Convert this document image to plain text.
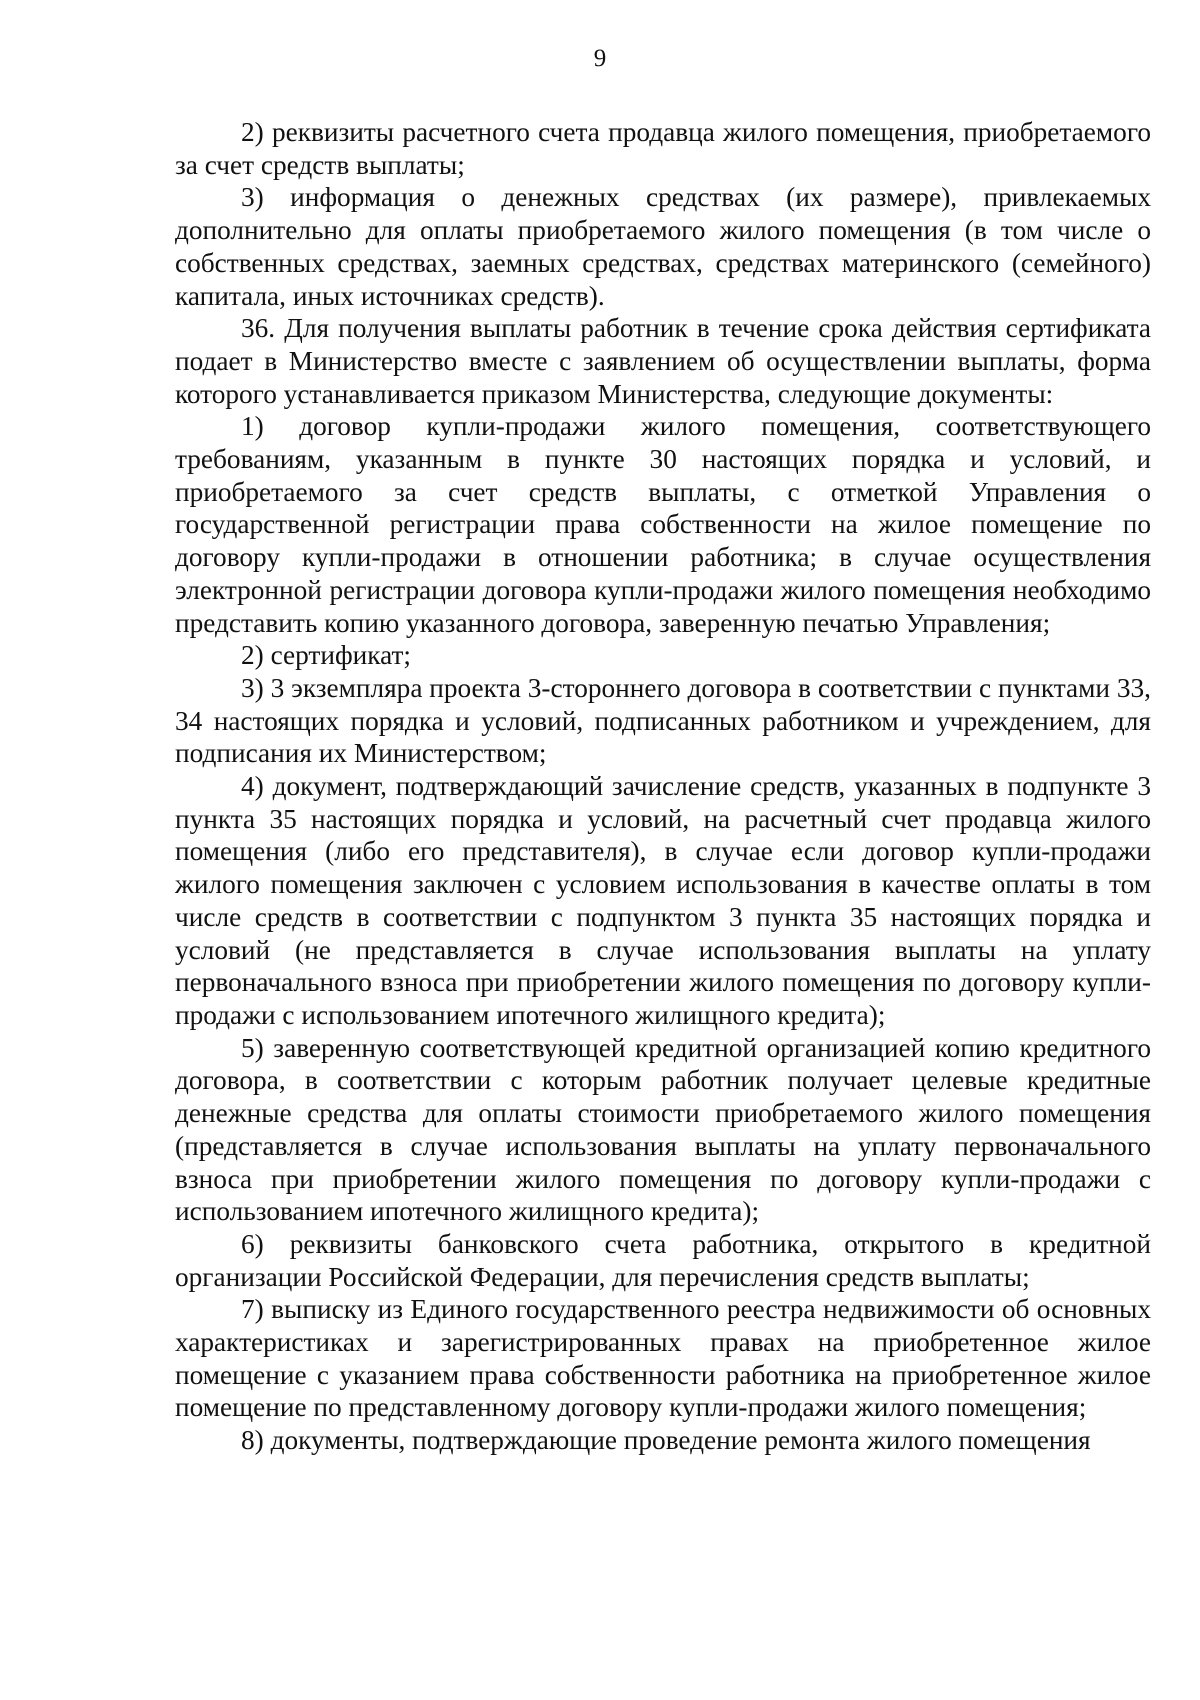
9

2) реквизиты расчетного счета продавца жилого помещения, приобретаемого за счет средств выплаты;

3) информация о денежных средствах (их размере), привлекаемых дополнительно для оплаты приобретаемого жилого помещения (в том числе о собственных средствах, заемных средствах, средствах материнского (семейного) капитала, иных источниках средств).

36. Для получения выплаты работник в течение срока действия сертификата подает в Министерство вместе с заявлением об осуществлении выплаты, форма которого устанавливается приказом Министерства, следующие документы:

1) договор купли-продажи жилого помещения, соответствующего требованиям, указанным в пункте 30 настоящих порядка и условий, и приобретаемого за счет средств выплаты, с отметкой Управления о государственной регистрации права собственности на жилое помещение по договору купли-продажи в отношении работника; в случае осуществления электронной регистрации договора купли-продажи жилого помещения необходимо представить копию указанного договора, заверенную печатью Управления;

2) сертификат;

3) 3 экземпляра проекта 3-стороннего договора в соответствии с пунктами 33, 34 настоящих порядка и условий, подписанных работником и учреждением, для подписания их Министерством;

4) документ, подтверждающий зачисление средств, указанных в подпункте 3 пункта 35 настоящих порядка и условий, на расчетный счет продавца жилого помещения (либо его представителя), в случае если договор купли-продажи жилого помещения заключен с условием использования в качестве оплаты в том числе средств в соответствии с подпунктом 3 пункта 35 настоящих порядка и условий (не представляется в случае использования выплаты на уплату первоначального взноса при приобретении жилого помещения по договору купли-продажи с использованием ипотечного жилищного кредита);

5) заверенную соответствующей кредитной организацией копию кредитного договора, в соответствии с которым работник получает целевые кредитные денежные средства для оплаты стоимости приобретаемого жилого помещения (представляется в случае использования выплаты на уплату первоначального взноса при приобретении жилого помещения по договору купли-продажи с использованием ипотечного жилищного кредита);

6) реквизиты банковского счета работника, открытого в кредитной организации Российской Федерации, для перечисления средств выплаты;

7) выписку из Единого государственного реестра недвижимости об основных характеристиках и зарегистрированных правах на приобретенное жилое помещение с указанием права собственности работника на приобретенное жилое помещение по представленному договору купли-продажи жилого помещения;

8) документы, подтверждающие проведение ремонта жилого помещения
